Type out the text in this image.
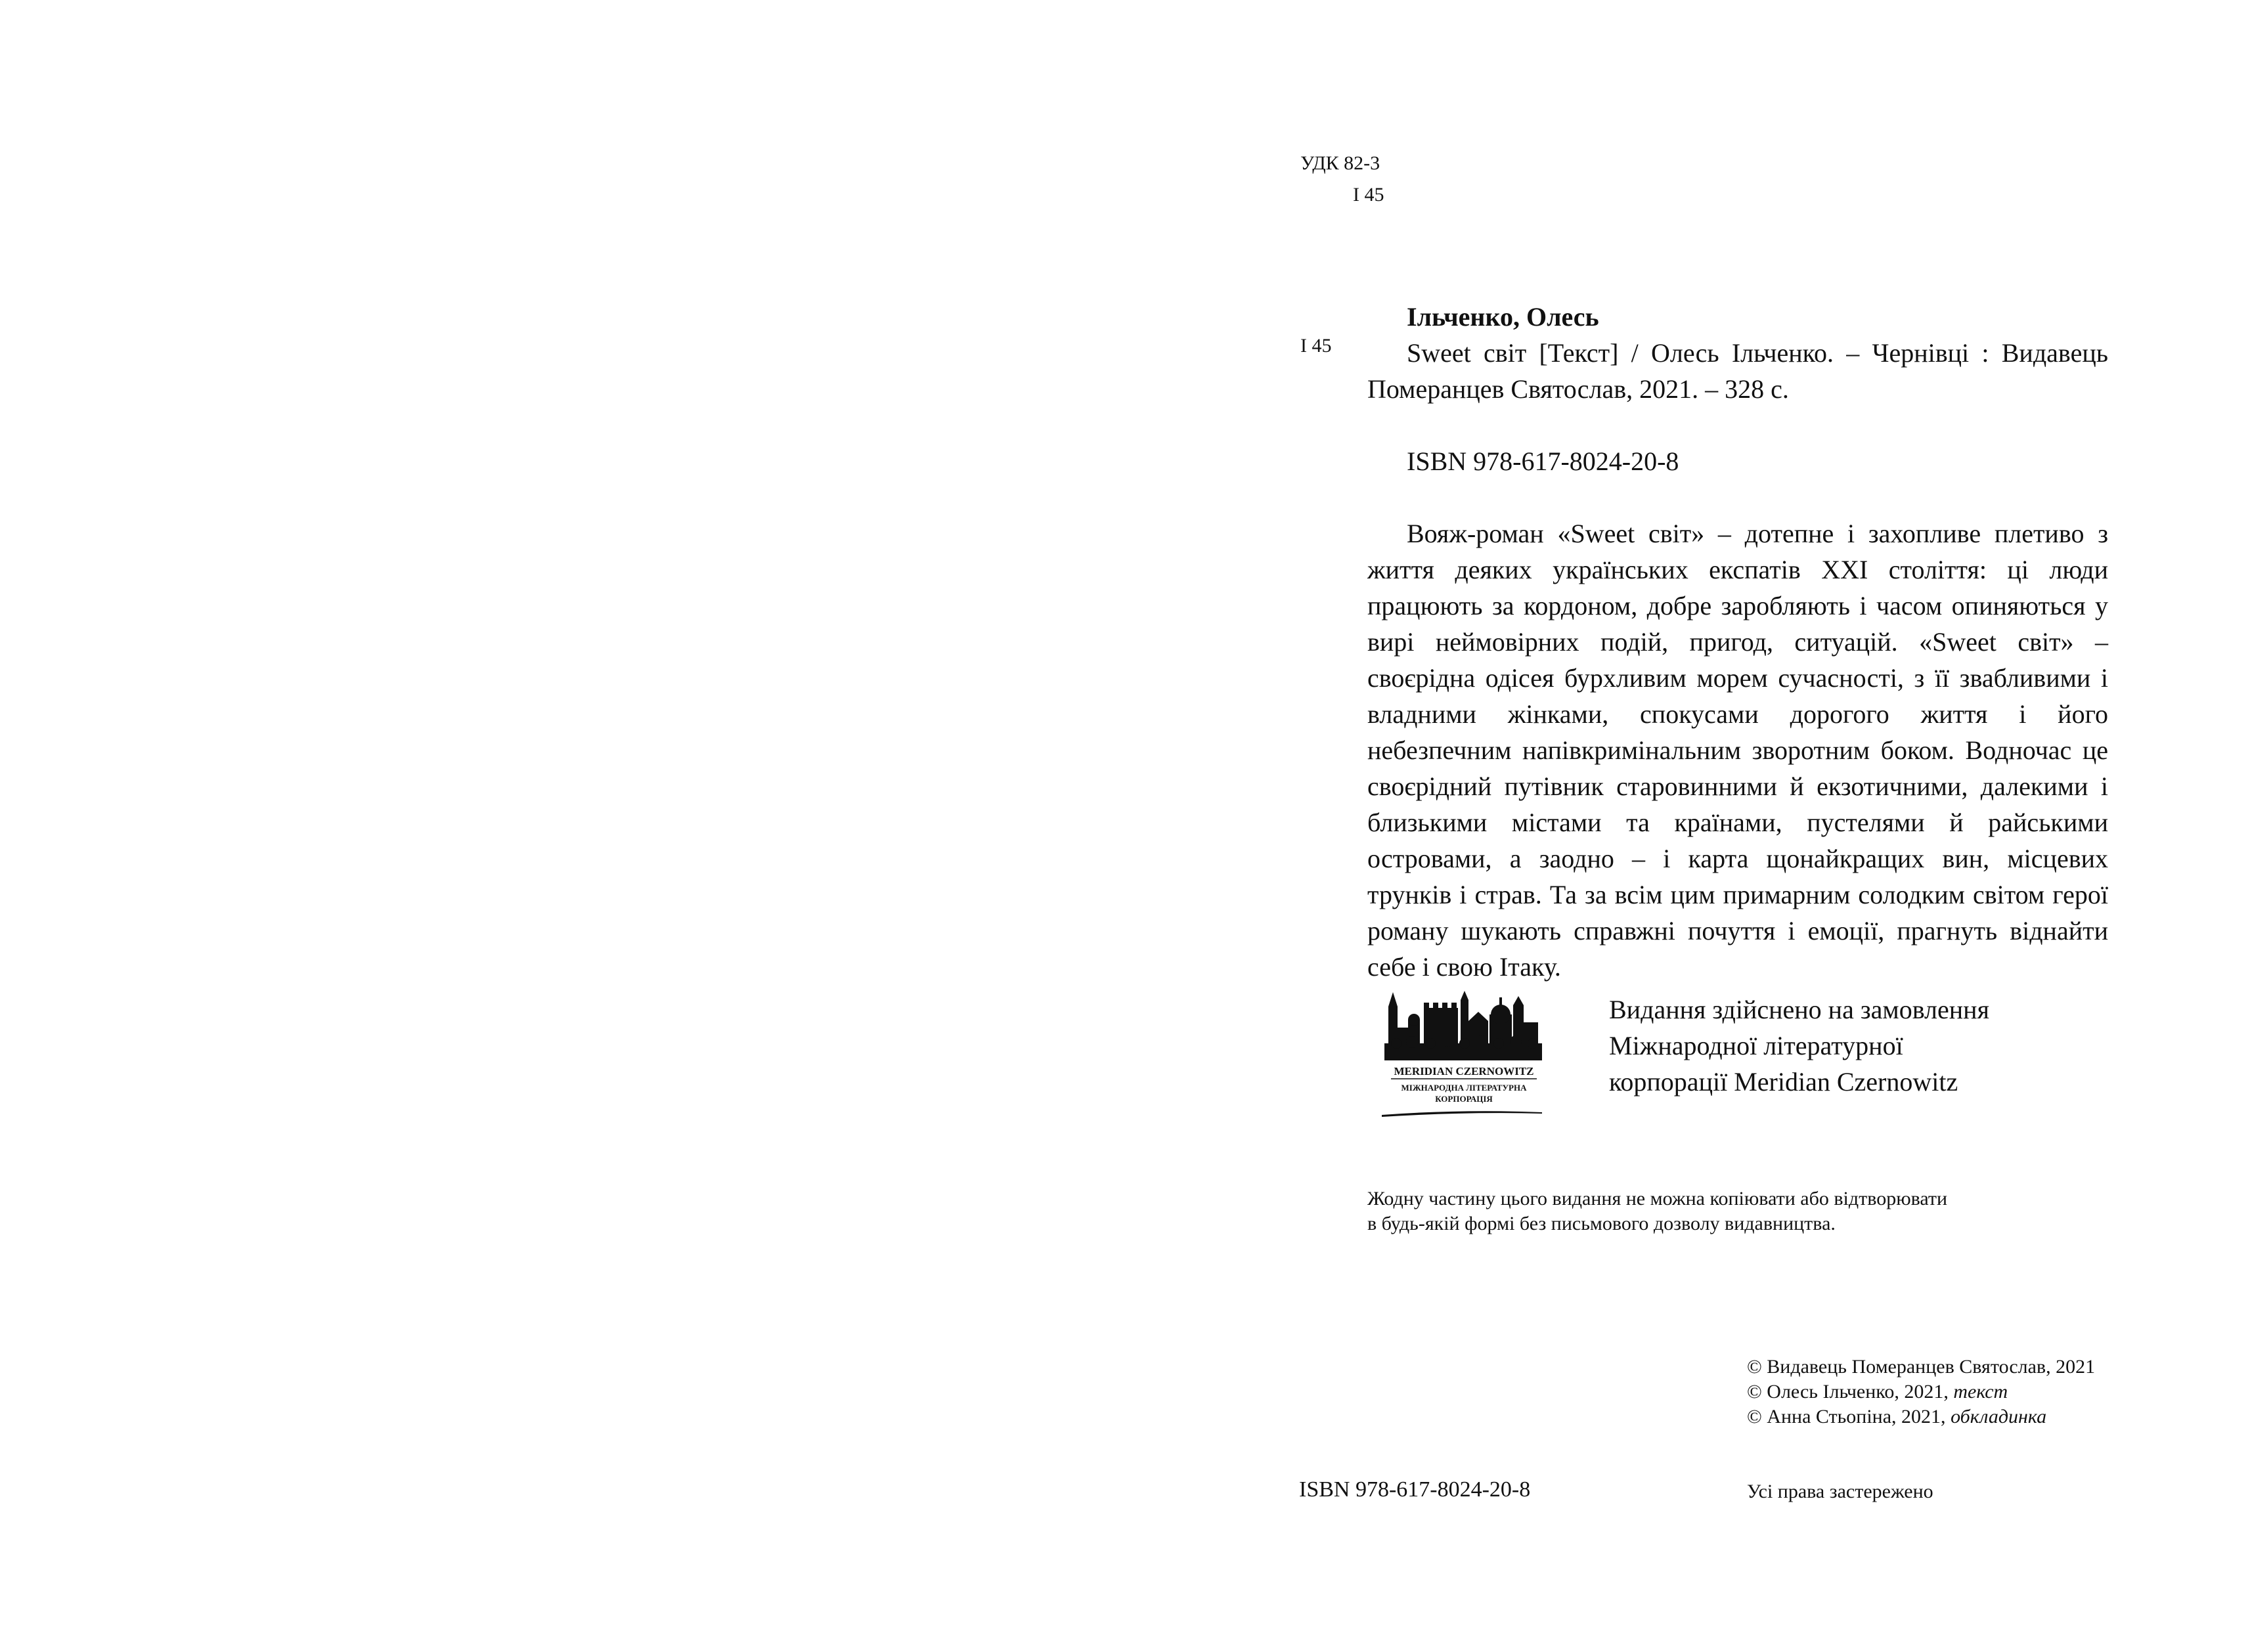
УДК 82-3
І 45
І 45

Ільченко, Олесь

Sweet світ [Текст] / Олесь Ільченко. – Чернівці : Видавець Померанцев Святослав, 2021. – 328 с.

ISBN 978-617-8024-20-8

Вояж-роман «Sweet світ» – дотепне і захопливе плетиво з життя деяких українських експатів XXI століття: ці люди працюють за кордоном, добре заробляють і часом опиняються у вирі неймовірних подій, пригод, ситуацій. «Sweet світ» – своєрідна одісея бурхливим морем сучасності, з її звабливими і владними жінками, спокусами дорогого життя і його небезпечним напівкримінальним зворотним боком. Водночас це своєрідний путівник старовинними й екзотичними, далекими і близькими містами та країнами, пустелями й райськими островами, а заодно – і карта щонайкращих вин, місцевих трунків і страв. Та за всім цим примарним солодким світом герої роману шукають справжні почуття і емоції, прагнуть віднайти себе і свою Ітаку.

MERIDIAN CZERNOWITZ
МІЖНАРОДНА ЛІТЕРАТУРНА
КОРПОРАЦІЯ
Видання здійснено на замовлення
Міжнародної літературної
корпорації Meridian Czernowitz
Жодну частину цього видання не можна копіювати або відтворювати
в будь-якій формі без письмового дозволу видавництва.
© Видавець Померанцев Святослав, 2021
© Олесь Ільченко, 2021, текст
© Анна Стьопіна, 2021, обкладинка
ISBN 978-617-8024-20-8	Усі права застережено
